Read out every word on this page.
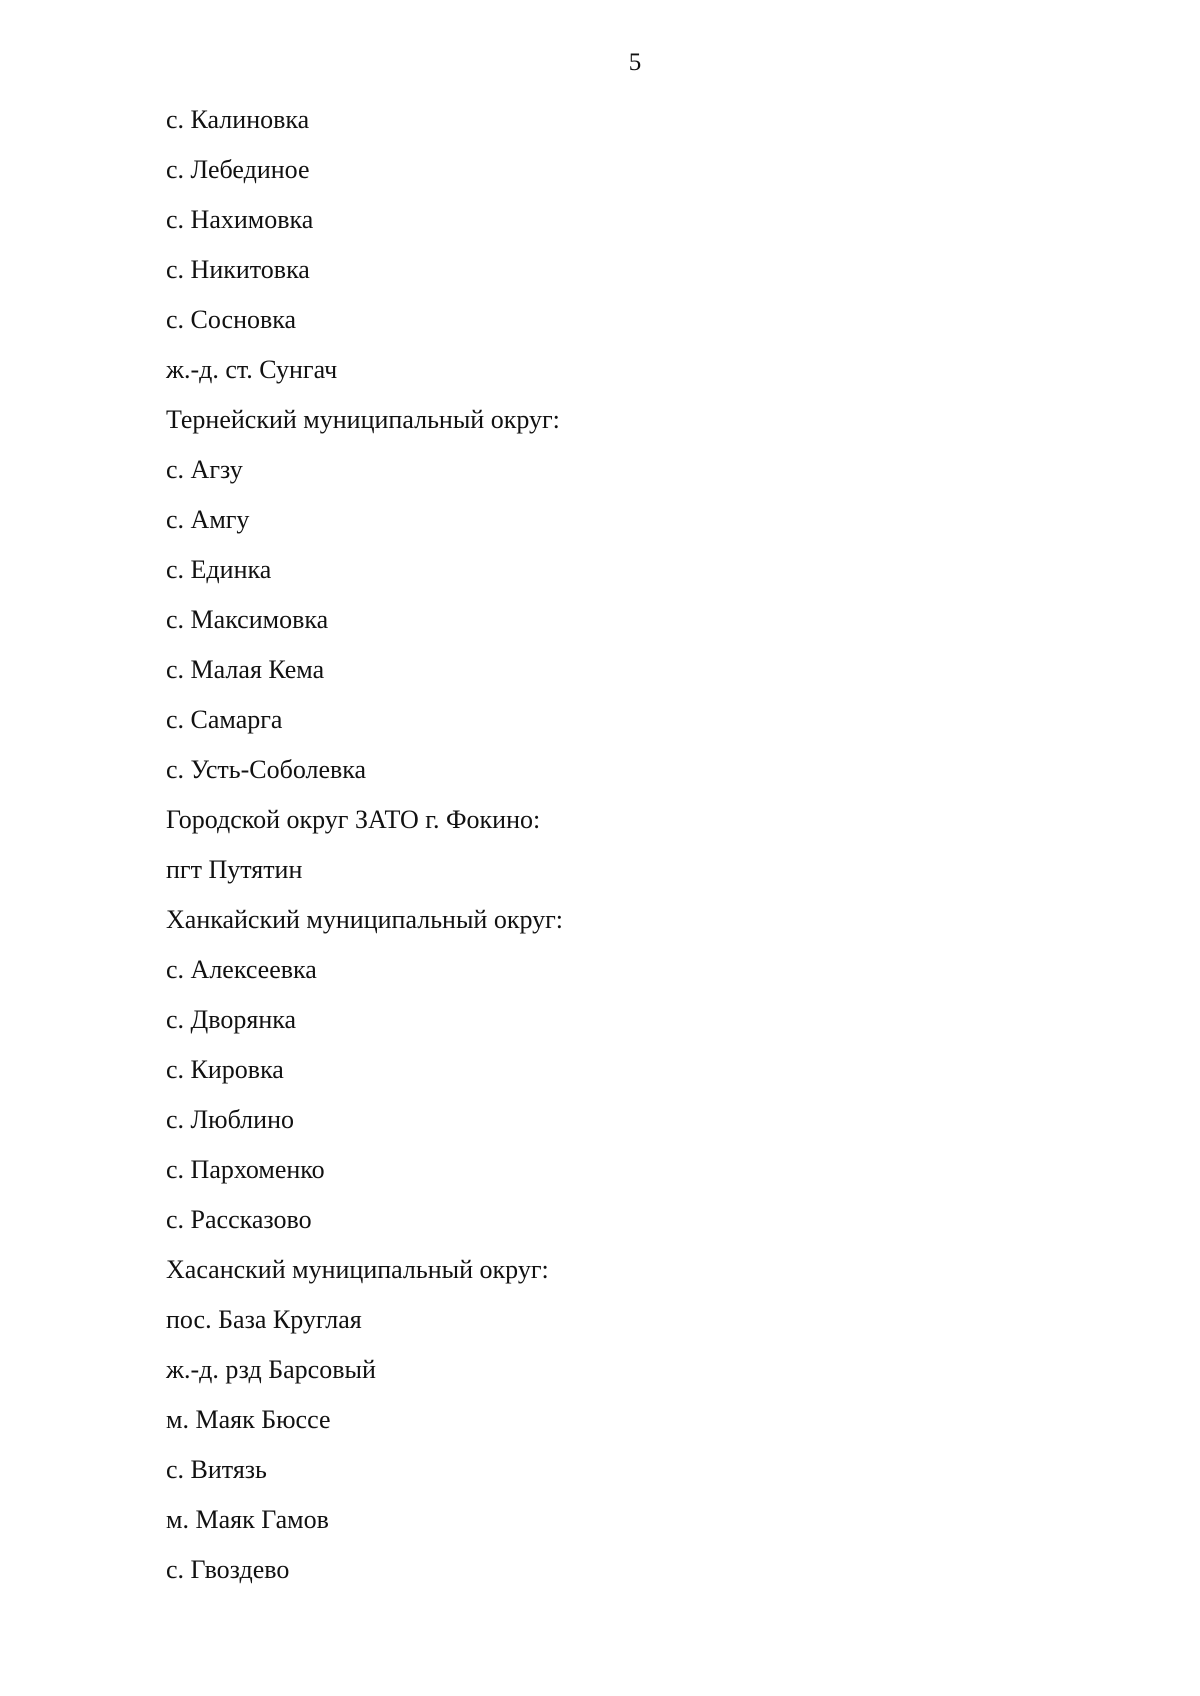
5
с. Калиновка
с. Лебединое
с. Нахимовка
с. Никитовка
с. Сосновка
ж.-д. ст. Сунгач
Тернейский муниципальный округ:
с. Агзу
с. Амгу
с. Единка
с. Максимовка
с. Малая Кема
с. Самарга
с. Усть-Соболевка
Городской округ ЗАТО г. Фокино:
пгт Путятин
Ханкайский муниципальный округ:
с. Алексеевка
с. Дворянка
с. Кировка
с. Люблино
с. Пархоменко
с. Рассказово
Хасанский муниципальный округ:
пос. База Круглая
ж.-д. рзд Барсовый
м. Маяк Бюссе
с. Витязь
м. Маяк Гамов
с. Гвоздево
